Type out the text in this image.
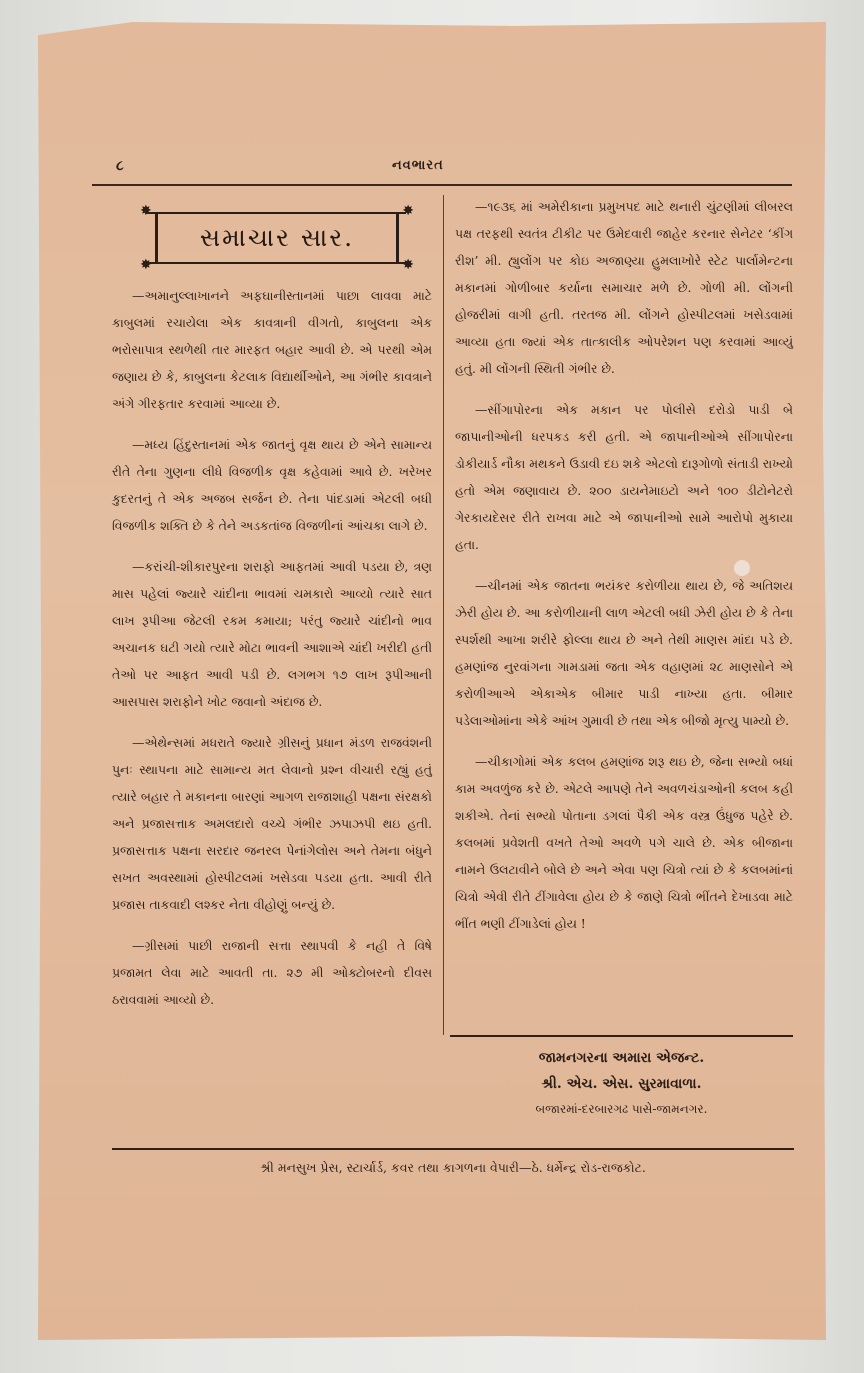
૮	નવભારત
✸	✸
✸	✸
સમાચાર સાર.

—અમાનુલ્લાખાનને અફઘાનીસ્તાનમાં પાછા લાવવા માટે કાબુલમાં રચાયેલા એક કાવત્રાની વીગતો, કાબુલના એક ભરોસાપાત્ર સ્થળેથી તાર મારફત બહાર આવી છે. એ પરથી એમ જણાય છે કે, કાબુલના કેટલાક વિદ્યાર્થીઓને, આ ગંભીર કાવત્રાને અંગે ગીરફતાર કરવામાં આવ્યા છે.

—મધ્ય હિંદુસ્તાનમાં એક જાતનું વૃક્ષ થાય છે એને સામાન્ય રીતે તેના ગુણના લીધે વિજળીક વૃક્ષ કહેવામાં આવે છે. ખરેખર કુદરતનું તે એક અજબ સર્જન છે. તેના પાંદડામાં એટલી બધી વિજળીક શક્તિ છે કે તેને અડકતાંજ વિજળીનાં આંચકા લાગે છે.

—કરાંચી-શીકારપુરના શરાફો આફતમાં આવી પડયા છે, ત્રણ માસ પહેલાં જ્યારે ચાંદીના ભાવમાં ચમકારો આવ્યો ત્યારે સાત લાખ રૂપીઆ જેટલી રકમ કમાયા; પરંતુ જ્યારે ચાંદીનો ભાવ અચાનક ઘટી ગયો ત્યારે મોટા ભાવની આશાએ ચાંદી ખરીદી હતી તેઓ પર આફત આવી પડી છે. લગભગ ૧૭ લાખ રૂપીઆની આસપાસ શરાફોને ખોટ જવાનો અંદાજ છે.

—એથેન્સમાં મધરાતે જ્યારે ગ્રીસનું પ્રધાન મંડળ રાજવંશની પુનઃ સ્થાપના માટે સામાન્ય મત લેવાનો પ્રશ્ન વીચારી રહ્યું હતું ત્યારે બહાર તે મકાનના બારણાં આગળ રાજાશાહી પક્ષના સંરક્ષકો અને પ્રજાસત્તાક અમલદારો વચ્ચે ગંભીર ઝપાઝપી થઇ હતી. પ્રજાસત્તાક પક્ષના સરદાર જનરલ પેનાંગેલોસ અને તેમના બંધુને સખત અવસ્થામાં હોસ્પીટલમાં ખસેડવા પડયા હતા. આવી રીતે પ્રજાસ તાકવાદી લશ્કર નેતા વીહોણું બન્યું છે.

—ગ્રીસમાં પાછી રાજાની સત્તા સ્થાપવી કે નહી તે વિષે પ્રજામત લેવા માટે આવતી તા. ૨૭ મી ઓક્ટોબરનો દીવસ ઠરાવવામાં આવ્યો છે.

—૧૯૩૬ માં અમેરીકાના પ્રમુખપદ માટે થનારી ચુંટણીમાં લીબરલ પક્ષ તરફથી સ્વતંત્ર ટીકીટ પર ઉમેદવારી જાહેર કરનાર સેનેટર ‘કીંગ રીશ’ મી. હ્યુલોંગ પર કોઇ અજાણ્યા હુમલાખોરે સ્ટેટ પાર્લામેન્ટના મકાનમાં ગોળીબાર કર્યાના સમાચાર મળે છે. ગોળી મી. લોંગની હોજરીમાં વાગી હતી. તરતજ મી. લોંગને હોસ્પીટલમાં ખસેડવામાં આવ્યા હતા જ્યાં એક તાત્કાલીક ઓપરેશન પણ કરવામાં આવ્યું હતું. મી લોંગની સ્થિતી ગંભીર છે.

—સીંગાપોરના એક મકાન પર પોલીસે દરોડો પાડી બે જાપાનીઓની ધરપકડ કરી હતી. એ જાપાનીઓએ સીંગાપોરના ડોકીયાર્ડ નૌકા મથકને ઉડાવી દઇ શકે એટલો દારૂગોળો સંતાડી રાખ્યો હતો એમ જણાવાય છે. ૨૦૦ ડાયનેમાઇટો અને ૧૦૦ ડીટોનેટરો ગેરકાયદેસર રીતે રાખવા માટે એ જાપાનીઓ સામે આરોપો મુકાયા હતા.

—ચીનમાં એક જાતના ભયંકર કરોળીયા થાય છે, જે અતિશય ઝેરી હોય છે. આ કરોળીયાની લાળ એટલી બધી ઝેરી હોય છે કે તેના સ્પર્શથી આખા શરીરે ફોલ્લા થાય છે અને તેથી માણસ માંદા પડે છે. હમણાંજ નુરવાંગના ગામડામાં જતા એક વહાણમાં ૨૮ માણસોને એ કરોળીઆએ એકાએક બીમાર પાડી નાખ્યા હતા. બીમાર પડેલાઓમાંના એકે આંખ ગુમાવી છે તથા એક બીજો મૃત્યુ પામ્યો છે.

—ચીકાગોમાં એક કલબ હમણાંજ શરૂ થઇ છે, જેના સભ્યો બધાં કામ અવળુંજ કરે છે. એટલે આપણે તેને અવળચંડાઓની કલબ કહી શકીએ. તેનાં સભ્યો પોતાના ડગલાં પૈકી એક વસ્ત્ર ઉંધુજ પહેરે છે. કલબમાં પ્રવેશતી વખતે તેઓ અવળે પગે ચાલે છે. એક બીજાના નામને ઉલટાવીને બોલે છે અને એવા પણ ચિત્રો ત્યાં છે કે કલબમાંનાં ચિત્રો એવી રીતે ટીંગાવેલા હોય છે કે જાણે ચિત્રો ભીંતને દેખાડવા માટે ભીંત ભણી ટીંગાડેલાં હોય !

જામનગરના અમારા એજન્ટ.
શ્રી. એચ. એસ. સુરમાવાળા.
બજારમાં-દરબારગઢ પાસે-જામનગર.
શ્રી મનસુખ પ્રેસ, સ્ટાર્ચાર્ડ, કવર તથા કાગળના વેપારી—ઠે. ધર્મેન્દ્ર રોડ-રાજકોટ.
